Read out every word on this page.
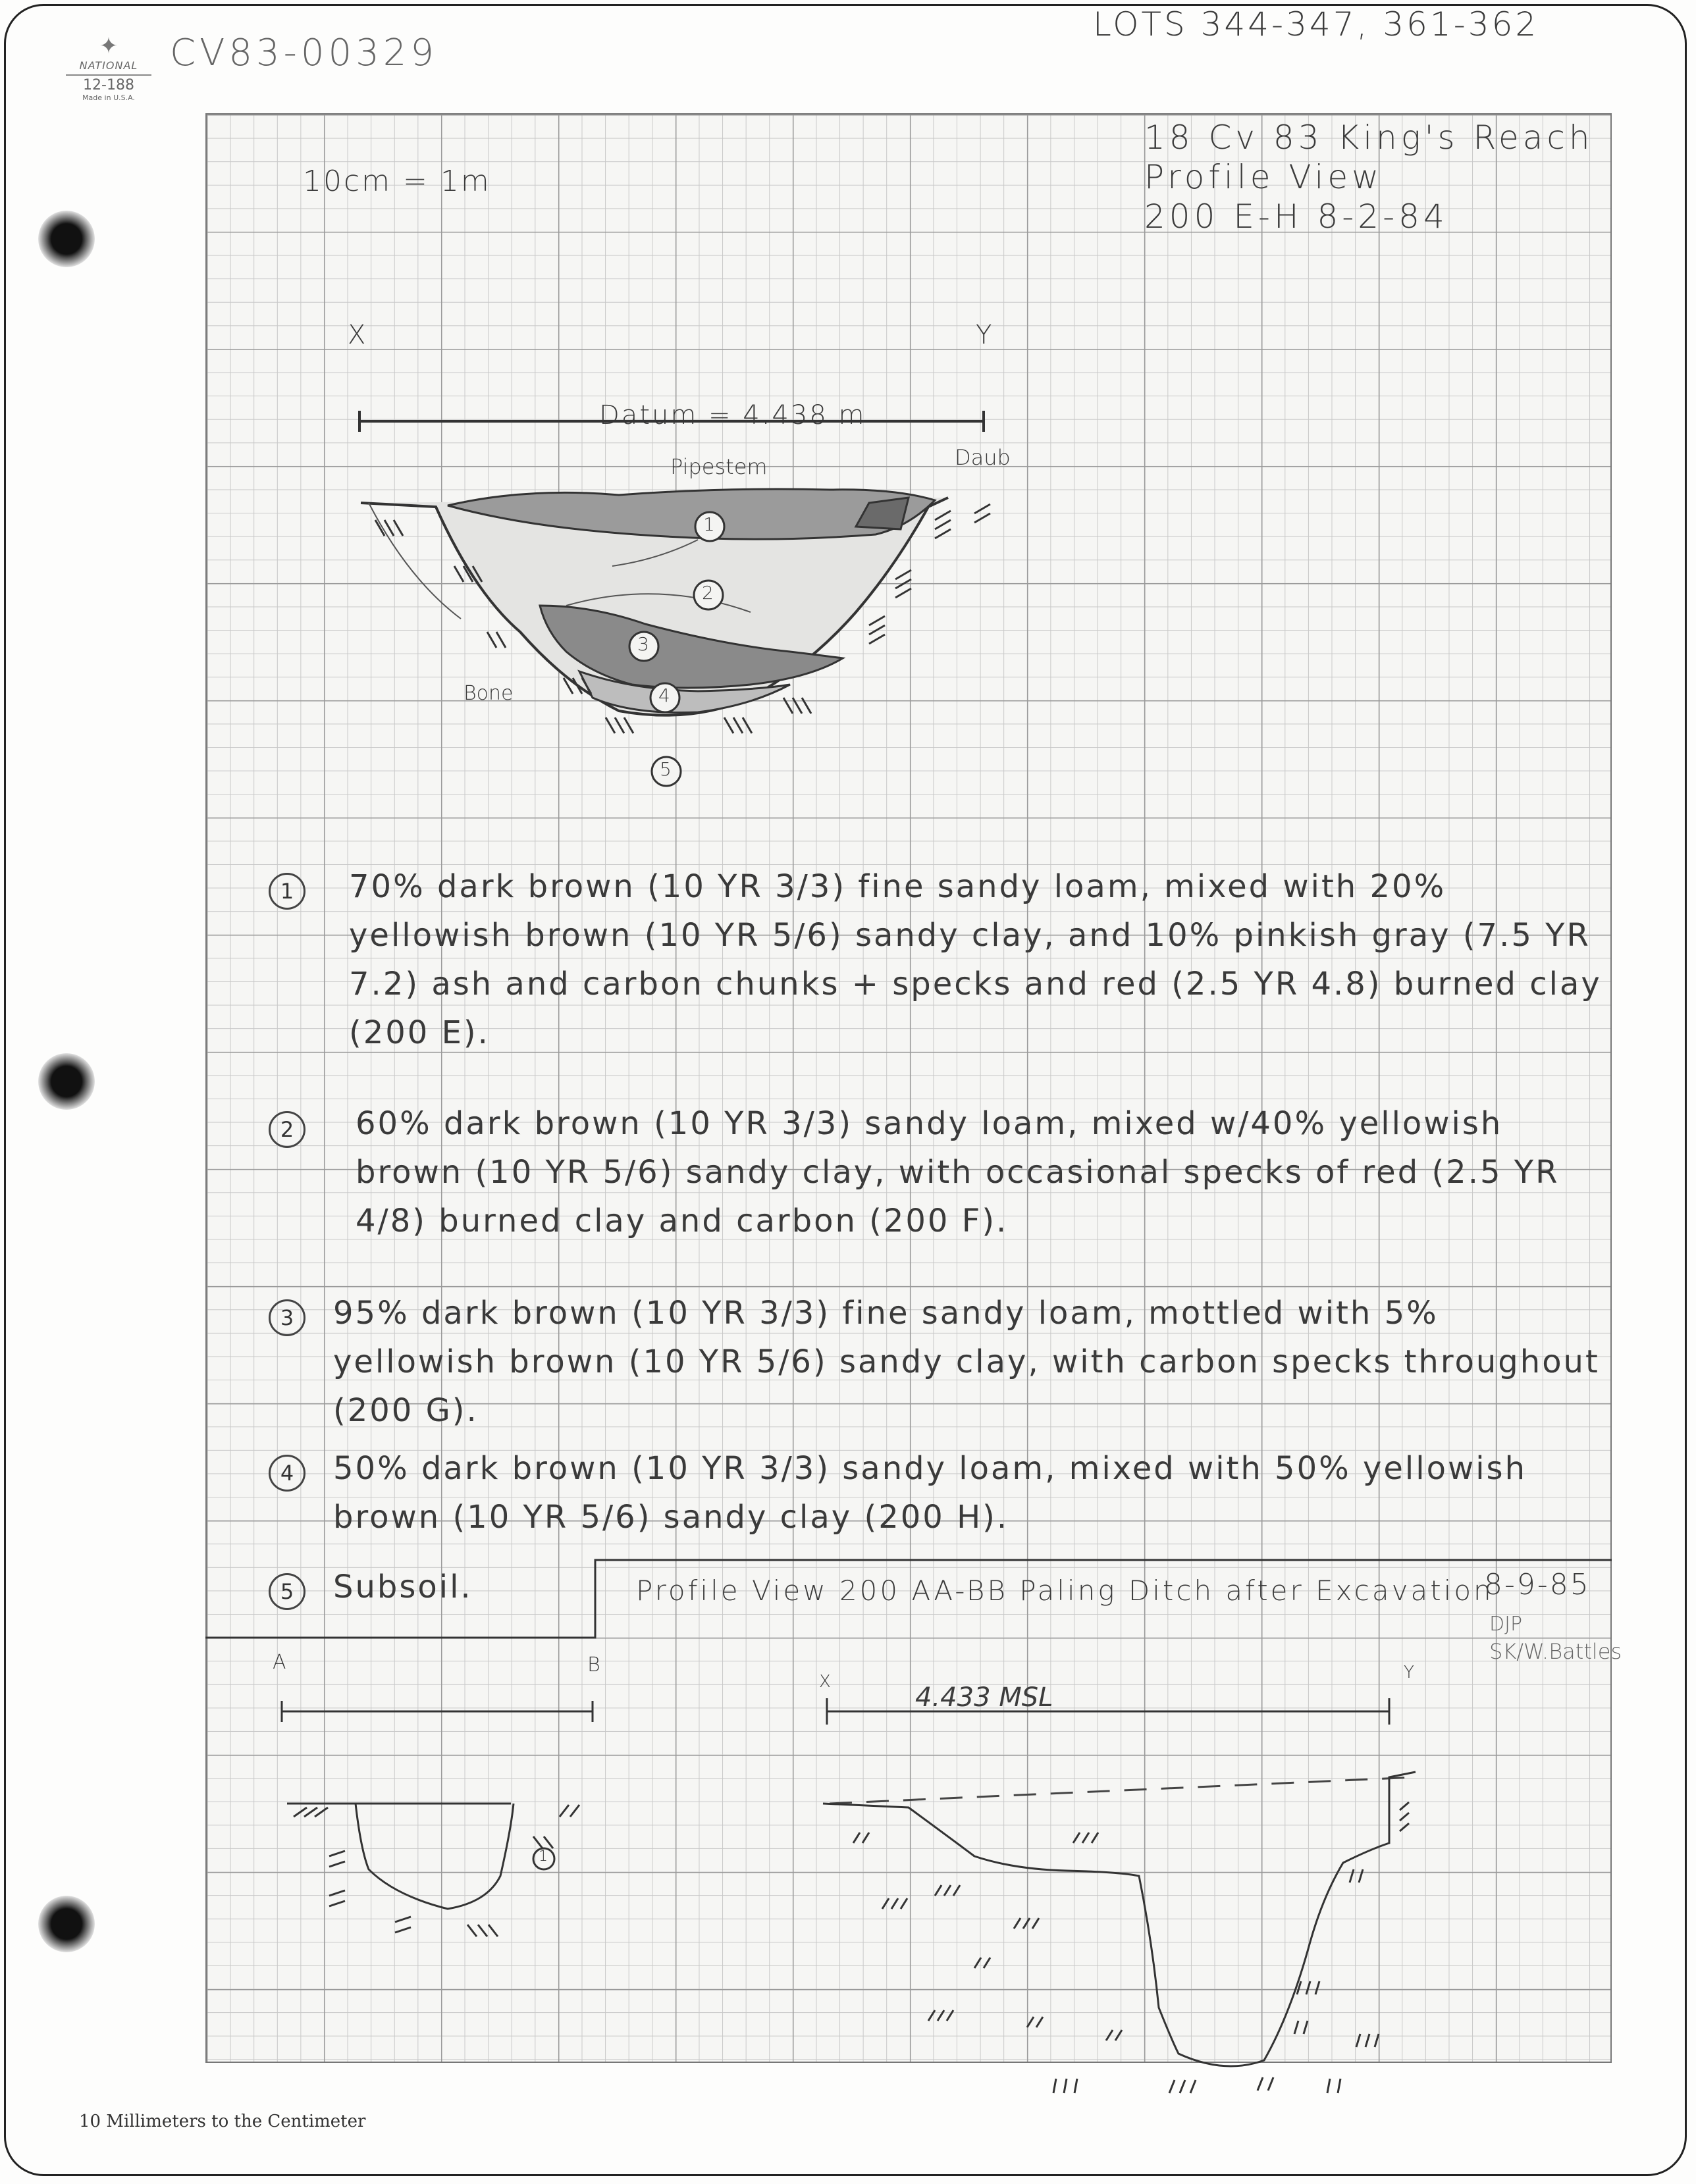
✦
NATIONAL
12-188
Made in U.S.A.
CV83-00329
LOTS 344-347, 361-362
18 Cv 83 King's Reach
Profile View
200 E-H 8-2-84
10cm = 1m
X	Y
Datum = 4.438 m
Pipestem	Daub
Bone
1
2
3
4
5
1	70% dark brown (10 YR 3/3) fine sandy loam, mixed with 20% yellowish brown (10 YR 5/6) sandy clay, and 10% pinkish gray (7.5 YR 7.2) ash and carbon chunks + specks and red (2.5 YR 4.8) burned clay (200 E).
2	60% dark brown (10 YR 3/3) sandy loam, mixed w/40% yellowish brown (10 YR 5/6) sandy clay, with occasional specks of red (2.5 YR 4/8) burned clay and carbon (200 F).
3	95% dark brown (10 YR 3/3) fine sandy loam, mottled with 5% yellowish brown (10 YR 5/6) sandy clay, with carbon specks throughout (200 G).
4	50% dark brown (10 YR 3/3) sandy loam, mixed with 50% yellowish brown (10 YR 5/6) sandy clay (200 H).
5	Subsoil.	Profile View 200 AA-BB Paling Ditch after Excavation
8-9-85
DJP
SK/W.Battles
A	B
X	Y
4.433 MSL
1
10 Millimeters to the Centimeter
